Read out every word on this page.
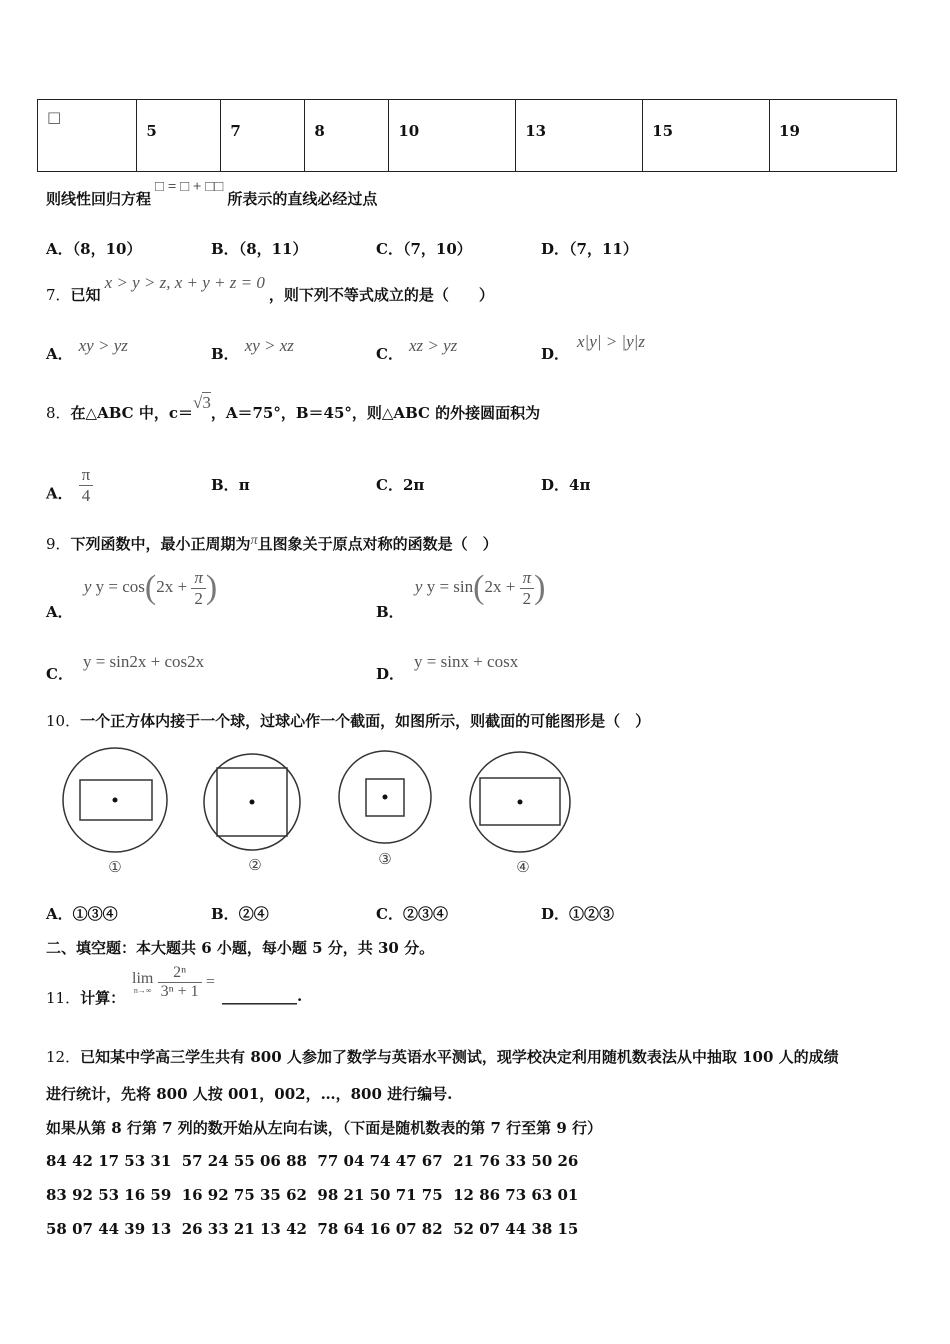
□	5	7	8	10	13	15	19
则线性回归方程□ = □ + □□所表示的直线必经过点
A．（8，10）	B．（8，11）	C．（7，10）	D．（7，11）
7．已知x > y > z, x + y + z = 0，则下列不等式成立的是（　　）
A． xy > yz	B． xy > xz	C． xz > yz	D．x|y| > |y|z
8．在△ABC 中，c＝√3，A＝75°，B＝45°，则△ABC 的外接圆面积为
A． $\frac{\pi}{4}$	B．π	C．2π	D．4π
9．下列函数中，最小正周期为π且图象关于原点对称的函数是（　）
A． y $y = \cos(2x + \frac{\pi}{2}$ )
B． y $y = \sin(2x + \frac{\pi}{2}$ )
C．y = sin2x + cos2x
D．y = sinx + cosx
10．一个正方体内接于一个球，过球心作一个截面，如图所示，则截面的可能图形是（　）
①	②	③	④
A．①③④	B．②④	C．②③④	D．①②③
二、填空题：本大题共 6 小题，每小题 5 分，共 30 分。
11．计算：
lim
n→∞
$\frac{\text{2ⁿ}}{\text{3ⁿ + 1}}$ =
__________.
12．已知某中学高三学生共有 800 人参加了数学与英语水平测试，现学校决定利用随机数表法从中抽取 100 人的成绩
进行统计，先将 800 人按 001，002，…，800 进行编号.
如果从第 8 行第 7 列的数开始从左向右读，（下面是随机数表的第 7 行至第 9 行）
84 42 17 53 31  57 24 55 06 88  77 04 74 47 67  21 76 33 50 26
83 92 53 16 59  16 92 75 35 62  98 21 50 71 75  12 86 73 63 01
58 07 44 39 13  26 33 21 13 42  78 64 16 07 82  52 07 44 38 15
